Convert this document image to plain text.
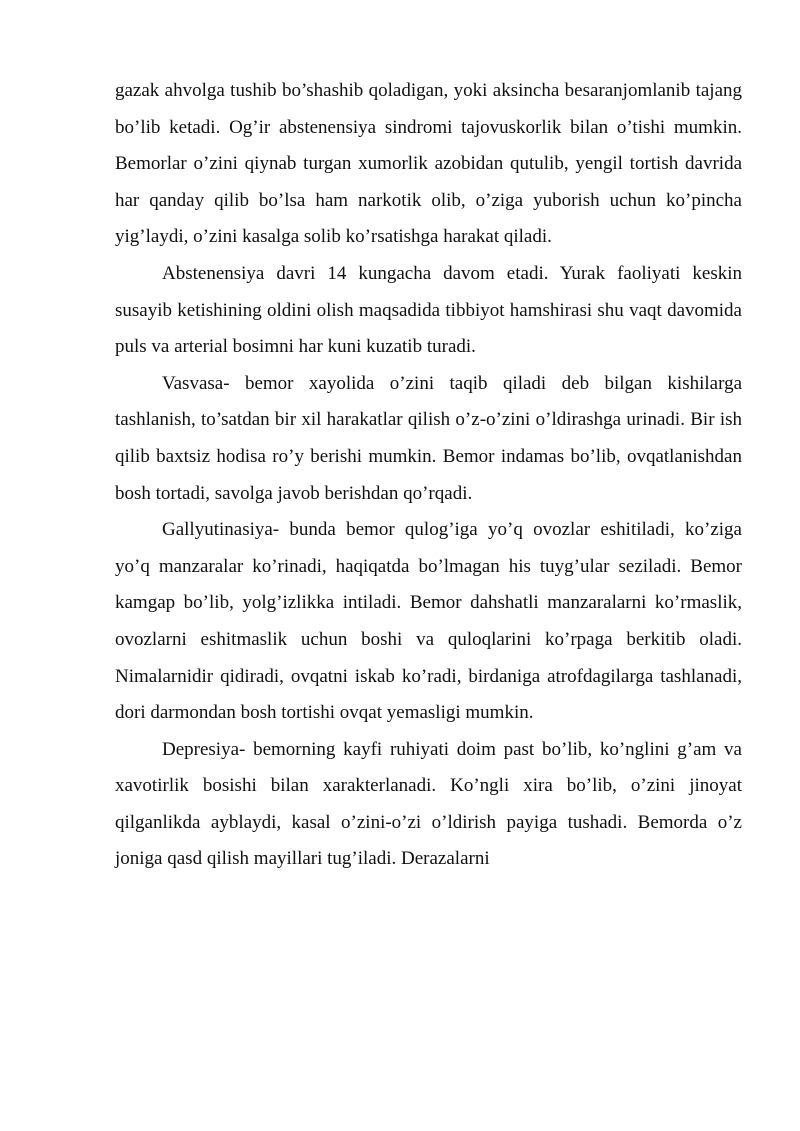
gazak ahvolga tushib bo’shashib qoladigan, yoki aksincha besaranjomlanib tajang bo’lib ketadi. Og’ir abstenensiya sindromi tajovuskorlik bilan o’tishi mumkin. Bemorlar o’zini qiynab turgan xumorlik azobidan qutulib, yengil tortish davrida har qanday qilib bo’lsa ham narkotik olib, o’ziga yuborish uchun ko’pincha yig’laydi, o’zini kasalga solib ko’rsatishga harakat qiladi.

Abstenensiya davri 14 kungacha davom etadi. Yurak faoliyati keskin susayib ketishining oldini olish maqsadida tibbiyot hamshirasi shu vaqt davomida puls va arterial bosimni har kuni kuzatib turadi.

Vasvasa- bemor xayolida o’zini taqib qiladi deb bilgan kishilarga tashlanish, to’satdan bir xil harakatlar qilish o’z-o’zini o’ldirashga urinadi. Bir ish qilib baxtsiz hodisa ro’y berishi mumkin. Bemor indamas bo’lib, ovqatlanishdan bosh tortadi, savolga javob berishdan qo’rqadi.

Gallyutinasiya- bunda bemor qulog’iga yo’q ovozlar eshitiladi, ko’ziga yo’q manzaralar ko’rinadi, haqiqatda bo’lmagan his tuyg’ular seziladi. Bemor kamgap bo’lib, yolg’izlikka intiladi. Bemor dahshatli manzaralarni ko’rmaslik, ovozlarni eshitmaslik uchun boshi va quloqlarini ko’rpaga berkitib oladi. Nimalarnidir qidiradi, ovqatni iskab ko’radi, birdaniga atrofdagilarga tashlanadi, dori darmondan bosh tortishi ovqat yemasligi mumkin.

Depresiya- bemorning kayfi ruhiyati doim past bo’lib, ko’nglini g’am va xavotirlik bosishi bilan xarakterlanadi. Ko’ngli xira bo’lib, o’zini jinoyat qilganlikda ayblaydi, kasal o’zini-o’zi o’ldirish payiga tushadi. Bemorda o’z joniga qasd qilish mayillari tug’iladi. Derazalarni
